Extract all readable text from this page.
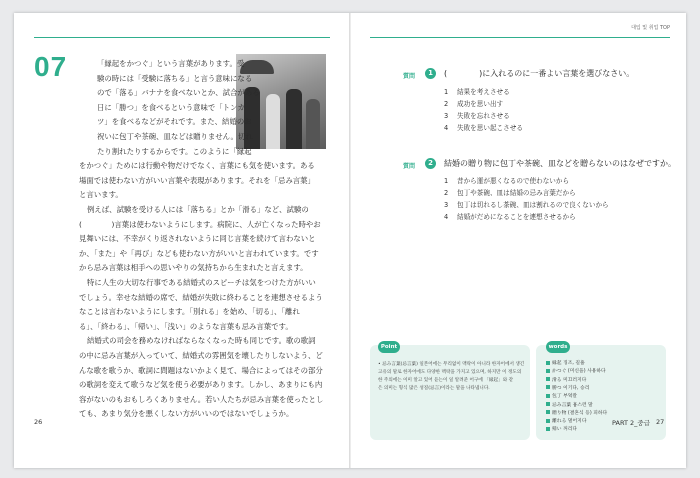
07	「縁起をかつぐ」という言葉があります。受
験の時には「受験に落ちる」と言う意味になる
ので「落る」バナナを食べないとか、試合がある
日に「勝つ」を食べるという意味で「トンカ
ツ」を食べるなどがそれです。また、結婚のお
祝いに包丁や茶碗、皿などは贈りません。切れ
たり割れたりするからです。このように「縁起
をかつぐ」ためには行動や物だけでなく、言葉にも気を使います。ある
場面では使わない方がいい言葉や表現があります。それを「忌み言葉」
と言います。
例えば、試験を受ける人には「落ちる」とか「滑る」など、試験の
(　　　　)言葉は使わないようにします。病院に、人が亡くなった時やお
見舞いには、不幸がくり返されないように同じ言葉を続けて言わないと
か、「また」や「再び」なども使わない方がいいと言われています。です
から忌み言葉は相手への思いやりの気持ちから生まれたと言えます。
特に人生の大切な行事である結婚式のスピーチは気をつけた方がいい
でしょう。幸せな結婚の席で、結婚が失敗に終わることを連想させるよう
なことは言わないようにします。「別れる」を始め、「切る」、「離れ
る」、「終わる」、「帰い」、「浅い」のような言葉も忌み言葉です。
結婚式の司会を務めなければならなくなった時も同じです。歌の歌詞
の中に忌み言葉が入っていて、結婚式の雰囲気を壊したりしないよう、ど
んな歌を歌うか、歌詞に問題はないかよく見て、場合によってはその部分
の歌詞を変えて歌うなど気を使う必要があります。しかし、あまりにも内
容がないのもおもしろくありません。若い人たちが忌み言葉を使ったとし
ても、あまり気分を悪くしない方がいいのではないでしょうか。
26
대입 및 취업 TOP
質問	1	(　　　　)に入れるのに一番よい言葉を選びなさい。
1 結果を考えさせる
2 成功を思い出す
3 失敗を忘れさせる
4 失敗を思い起こさせる
質問	2	結婚の贈り物に包丁や茶碗、皿などを贈らないのはなぜですか。
1 昔から運が悪くなるので使わないから
2 包丁や茶碗、皿は結婚の忌み言葉だから
3 包丁は切れるし茶碗、皿は割れるので良くないから
4 結婚がだめになることを連想させるから
Point
• 忌み言葉(忌言葉) 일본어에는 무리없이 맥락이 아니라 한자어에서 생긴
고유의 말로 한자어에도 다양한 맥락을 가지고 있으며, 하지만 이 정도의
한 주의에는 이미 알고 있어 듣는이 일 알려준 어구에 「縁起」와 같
은 의미는 형식 많은 성질(忌言)이라는 말을 나타냅니다.
words
縁起 징조, 길흉
かつぐ (미신을) 사용하다
滑る 미끄러지다
勝つ 이기다, 승리
包丁 부엌칼
忌み言葉 흉스런 말
贈り物 (결혼식 등) 피하다
離れる 멀어지다
帰い 꺼리다
PART 2_중급 27
